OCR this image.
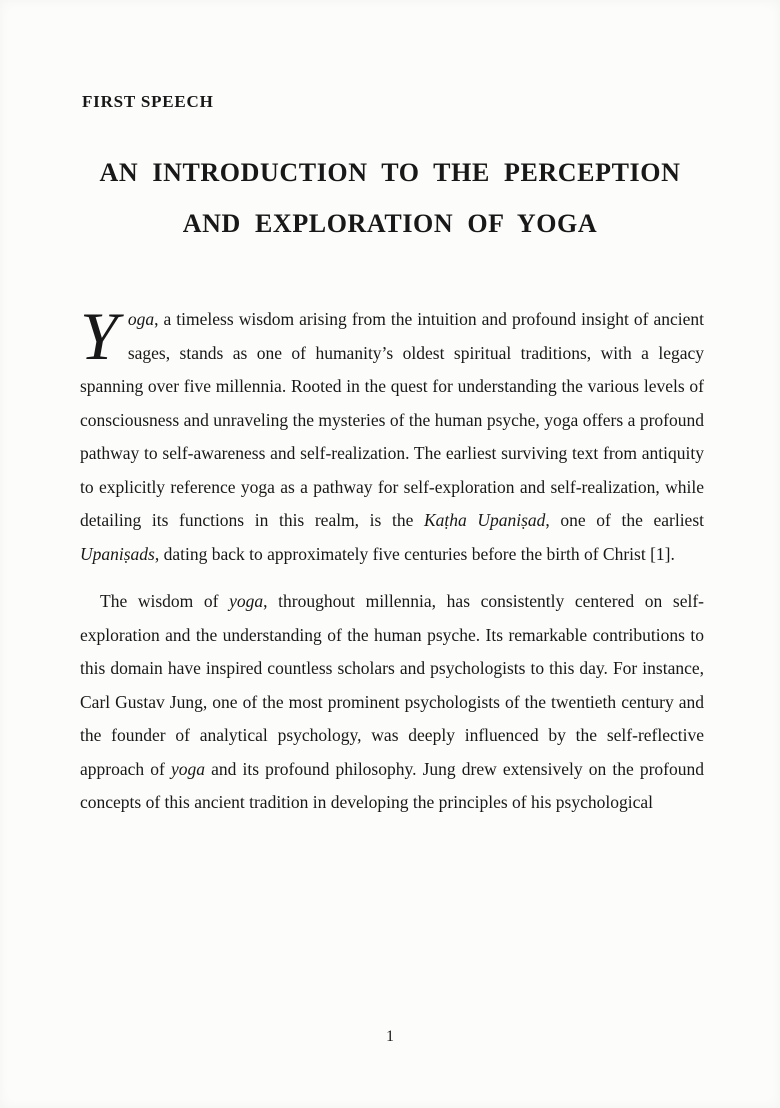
FIRST SPEECH
AN INTRODUCTION TO THE PERCEPTION
AND EXPLORATION OF YOGA

Yoga, a timeless wisdom arising from the intuition and profound insight of ancient sages, stands as one of humanity’s oldest spiritual traditions, with a legacy spanning over five millennia. Rooted in the quest for understanding the various levels of consciousness and unraveling the mysteries of the human psyche, yoga offers a profound pathway to self-awareness and self-realization. The earliest surviving text from antiquity to explicitly reference yoga as a pathway for self-exploration and self-realization, while detailing its functions in this realm, is the Kaṭha Upaniṣad, one of the earliest Upaniṣads, dating back to approximately five centuries before the birth of Christ [1].

The wisdom of yoga, throughout millennia, has consistently centered on self-exploration and the understanding of the human psyche. Its remarkable contributions to this domain have inspired countless scholars and psychologists to this day. For instance, Carl Gustav Jung, one of the most prominent psychologists of the twentieth century and the founder of analytical psychology, was deeply influenced by the self-reflective approach of yoga and its profound philosophy. Jung drew extensively on the profound concepts of this ancient tradition in developing the principles of his psychological

1
